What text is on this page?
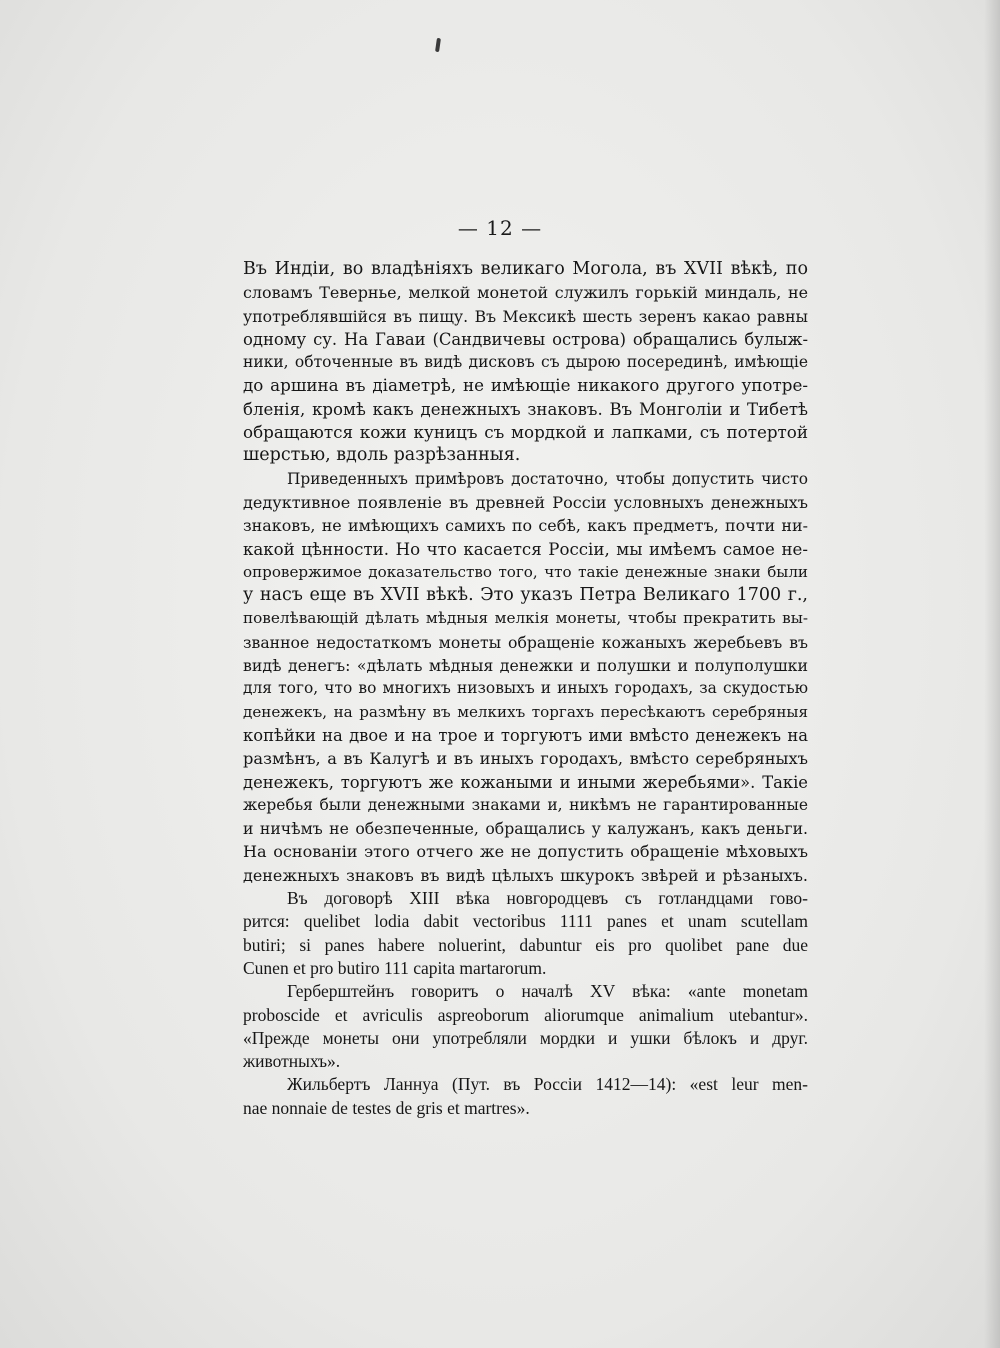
— 12 —

Въ Индіи, во владѣніяхъ великаго Могола, въ XVII вѣкѣ, по
словамъ Тевернье, мелкой монетой служилъ горькій миндаль, не
употреблявшійся въ пищу. Въ Мексикѣ шесть зеренъ какао равны
одному су. На Гаваи (Сандвичевы острова) обращались булыж-
ники, обточенные въ видѣ дисковъ съ дырою посерединѣ, имѣющіе
до аршина въ діаметрѣ, не имѣющіе никакого другого употре-
бленія, кромѣ какъ денежныхъ знаковъ. Въ Монголіи и Тибетѣ
обращаются кожи куницъ съ мордкой и лапками, съ потертой
шерстью, вдоль разрѣзанныя.

Приведенныхъ примѣровъ достаточно, чтобы допустить чисто
дедуктивное появленіе въ древней Россіи условныхъ денежныхъ
знаковъ, не имѣющихъ самихъ по себѣ, какъ предметъ, почти ни-
какой цѣнности. Но что касается Россіи, мы имѣемъ самое не-
опровержимое доказательство того, что такіе денежные знаки были
у насъ еще въ XVII вѣкѣ. Это указъ Петра Великаго 1700 г.,
повелѣвающій дѣлать мѣдныя мелкія монеты, чтобы прекратить вы-
званное недостаткомъ монеты обращеніе кожаныхъ жеребьевъ въ
видѣ денегъ: «дѣлать мѣдныя денежки и полушки и полуполушки
для того, что во многихъ низовыхъ и иныхъ городахъ, за скудостью
денежекъ, на размѣну въ мелкихъ торгахъ пересѣкаютъ серебряныя
копѣйки на двое и на трое и торгуютъ ими вмѣсто денежекъ на
размѣнъ, а въ Калугѣ и въ иныхъ городахъ, вмѣсто серебряныхъ
денежекъ, торгуютъ же кожаными и иными жеребьями». Такіе
жеребья были денежными знаками и, никѣмъ не гарантированные
и ничѣмъ не обезпеченные, обращались у калужанъ, какъ деньги.
На основаніи этого отчего же не допустить обращеніе мѣховыхъ
денежныхъ знаковъ въ видѣ цѣлыхъ шкурокъ звѣрей и рѣзаныхъ.

Въ договорѣ XIII вѣка новгородцевъ съ готландцами гово-
рится: quelibet lodia dabit vectoribus 1111 panes et unam scutellam
butiri; si panes habere noluerint, dabuntur eis pro quolibet pane due
Cunen et pro butiro 111 capita martarorum.

Герберштейнъ говоритъ о началѣ XV вѣка: «ante monetam
proboscide et avriculis aspreoborum aliorumque animalium utebantur».
«Прежде монеты они употребляли мордки и ушки бѣлокъ и друг.
животныхъ».

Жильбертъ Ланнуа (Пут. въ Россіи 1412—14): «est leur men-
nae nonnaie de testes de gris et martres».
